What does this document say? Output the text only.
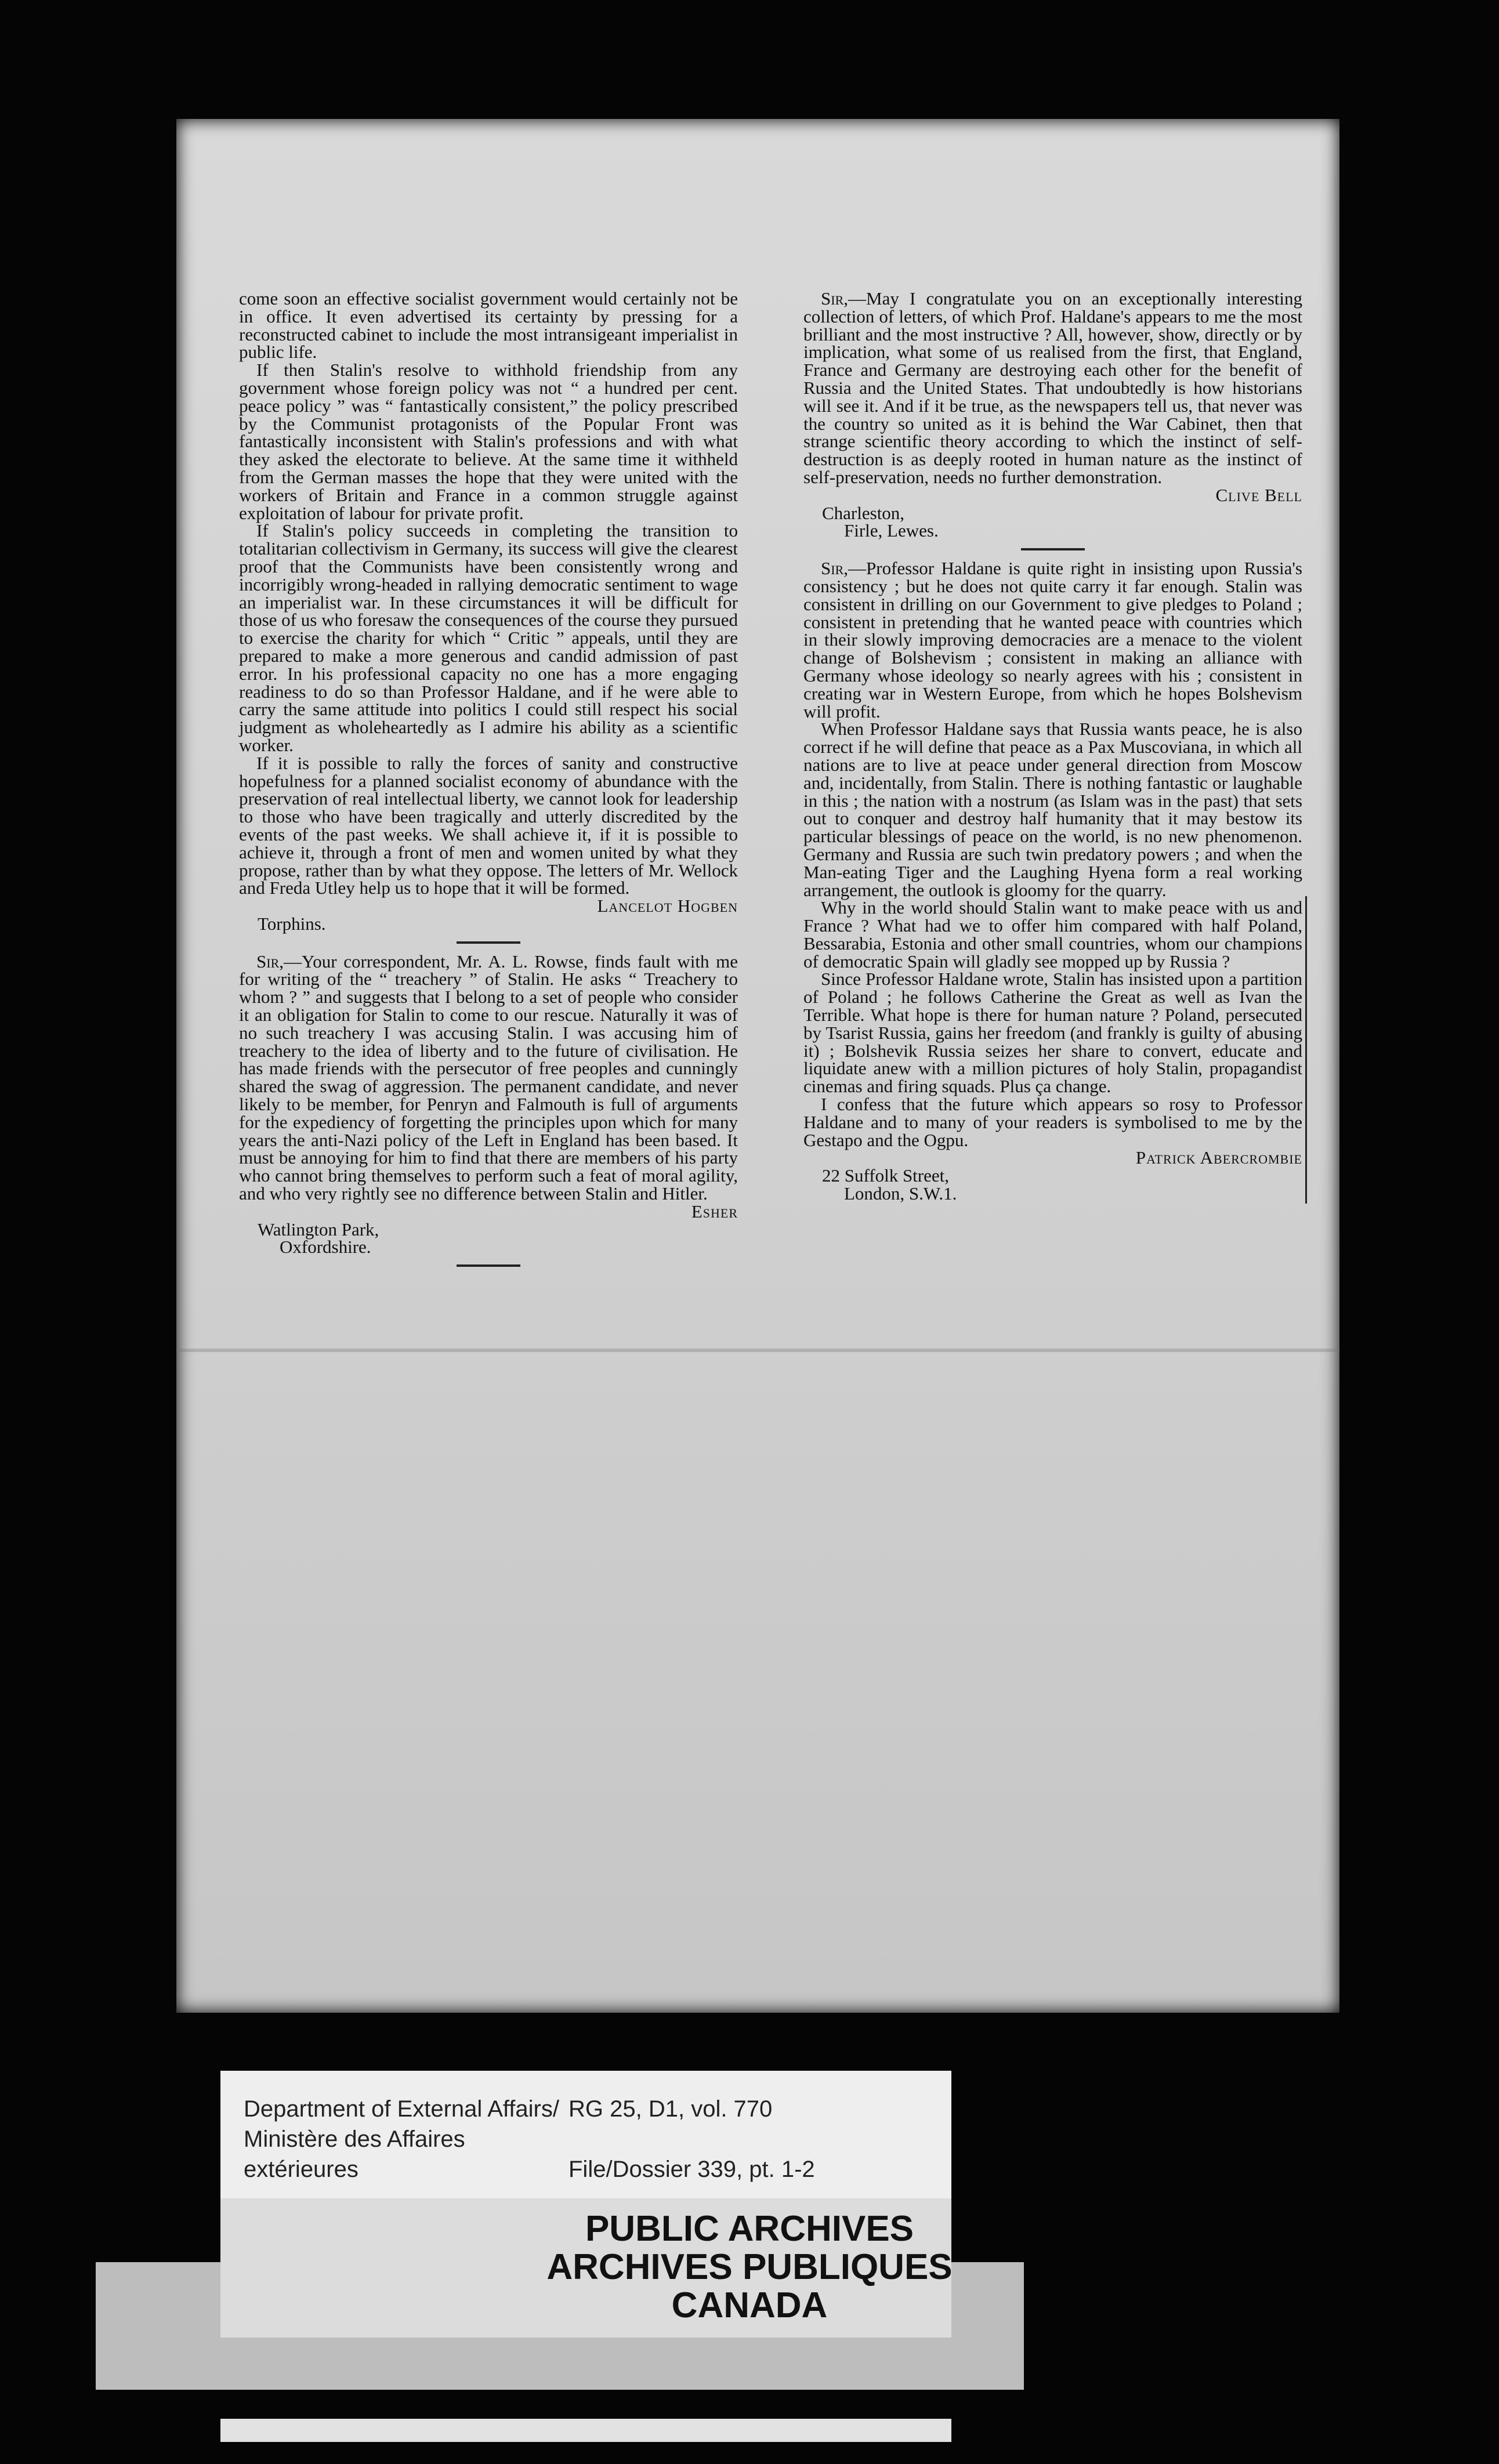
come soon an effective socialist government would certainly not be in office. It even advertised its certainty by pressing for a reconstructed cabinet to include the most intransigeant imperialist in public life.

If then Stalin's resolve to withhold friendship from any government whose foreign policy was not “ a hundred per cent. peace policy ” was “ fantastically consistent,” the policy prescribed by the Communist protagonists of the Popular Front was fantastically inconsistent with Stalin's professions and with what they asked the electorate to believe. At the same time it withheld from the German masses the hope that they were united with the workers of Britain and France in a common struggle against exploitation of labour for private profit.

If Stalin's policy succeeds in completing the transition to totalitarian collectivism in Germany, its success will give the clearest proof that the Communists have been consistently wrong and incorrigibly wrong-headed in rallying democratic sentiment to wage an imperialist war. In these circumstances it will be difficult for those of us who foresaw the consequences of the course they pursued to exercise the charity for which “ Critic ” appeals, until they are prepared to make a more generous and candid admission of past error. In his professional capacity no one has a more engaging readiness to do so than Professor Haldane, and if he were able to carry the same attitude into politics I could still respect his social judgment as wholeheartedly as I admire his ability as a scientific worker.

If it is possible to rally the forces of sanity and constructive hopefulness for a planned socialist economy of abundance with the preservation of real intellectual liberty, we cannot look for leadership to those who have been tragically and utterly discredited by the events of the past weeks. We shall achieve it, if it is possible to achieve it, through a front of men and women united by what they propose, rather than by what they oppose. The letters of Mr. Wellock and Freda Utley help us to hope that it will be formed.

Lancelot Hogben
Torphins.

Sir,—Your correspondent, Mr. A. L. Rowse, finds fault with me for writing of the “ treachery ” of Stalin. He asks “ Treachery to whom ? ” and suggests that I belong to a set of people who consider it an obligation for Stalin to come to our rescue. Naturally it was of no such treachery I was accusing Stalin. I was accusing him of treachery to the idea of liberty and to the future of civilisation. He has made friends with the persecutor of free peoples and cunningly shared the swag of aggression. The permanent candidate, and never likely to be member, for Penryn and Falmouth is full of arguments for the expediency of forgetting the principles upon which for many years the anti-Nazi policy of the Left in England has been based. It must be annoying for him to find that there are members of his party who cannot bring themselves to perform such a feat of moral agility, and who very rightly see no difference between Stalin and Hitler.

Esher
Watlington Park,
Oxfordshire.

Sir,—May I congratulate you on an exceptionally interesting collection of letters, of which Prof. Haldane's appears to me the most brilliant and the most instructive ? All, however, show, directly or by implication, what some of us realised from the first, that England, France and Germany are destroying each other for the benefit of Russia and the United States. That undoubtedly is how historians will see it. And if it be true, as the newspapers tell us, that never was the country so united as it is behind the War Cabinet, then that strange scientific theory according to which the instinct of self-destruction is as deeply rooted in human nature as the instinct of self-preservation, needs no further demonstration.

Clive Bell
Charleston,
Firle, Lewes.

Sir,—Professor Haldane is quite right in insisting upon Russia's consistency ; but he does not quite carry it far enough. Stalin was consistent in drilling on our Government to give pledges to Poland ; consistent in pretending that he wanted peace with countries which in their slowly improving democracies are a menace to the violent change of Bolshevism ; consistent in making an alliance with Germany whose ideology so nearly agrees with his ; consistent in creating war in Western Europe, from which he hopes Bolshevism will profit.

When Professor Haldane says that Russia wants peace, he is also correct if he will define that peace as a Pax Muscoviana, in which all nations are to live at peace under general direction from Moscow and, incidentally, from Stalin. There is nothing fantastic or laughable in this ; the nation with a nostrum (as Islam was in the past) that sets out to conquer and destroy half humanity that it may bestow its particular blessings of peace on the world, is no new phenomenon. Germany and Russia are such twin predatory powers ; and when the Man-eating Tiger and the Laughing Hyena form a real working arrangement, the outlook is gloomy for the quarry.

Why in the world should Stalin want to make peace with us and France ? What had we to offer him compared with half Poland, Bessarabia, Estonia and other small countries, whom our champions of democratic Spain will gladly see mopped up by Russia ?

Since Professor Haldane wrote, Stalin has insisted upon a partition of Poland ; he follows Catherine the Great as well as Ivan the Terrible. What hope is there for human nature ? Poland, persecuted by Tsarist Russia, gains her freedom (and frankly is guilty of abusing it) ; Bolshevik Russia seizes her share to convert, educate and liquidate anew with a million pictures of holy Stalin, propagandist cinemas and firing squads. Plus ça change.

I confess that the future which appears so rosy to Professor Haldane and to many of your readers is symbolised to me by the Gestapo and the Ogpu.

Patrick Abercrombie
22 Suffolk Street,
London, S.W.1.
Department of External Affairs/ RG 25, D1, vol. 770
Ministère des Affaires extérieures	File/Dossier 339, pt. 1-2
PUBLIC ARCHIVES
ARCHIVES PUBLIQUES
CANADA
